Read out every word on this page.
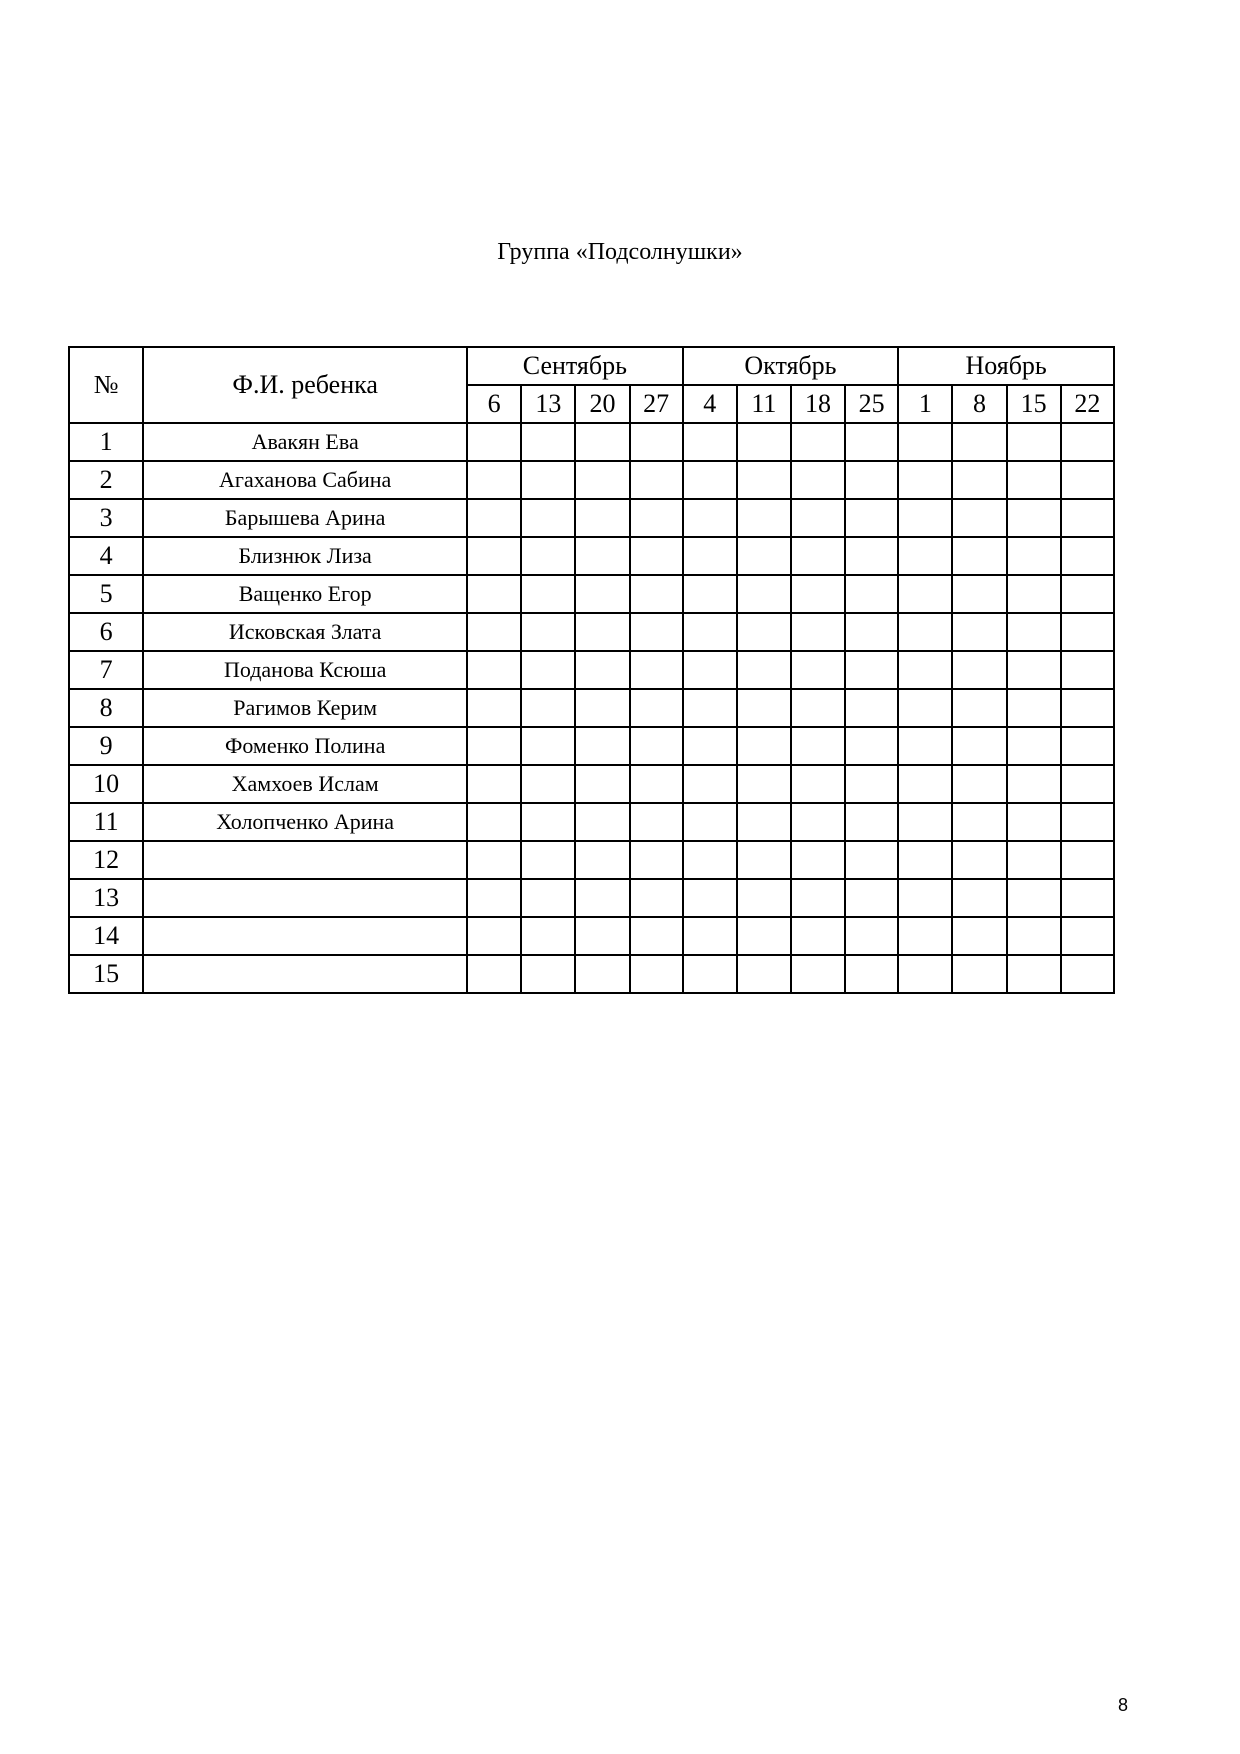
Группа «Подсолнушки»
№	Ф.И. ребенка	Сентябрь				Октябрь				Ноябрь			
		6	13	20	27	4	11	18	25	1	8	15	22
1	Авакян Ева												
2	Агаханова Сабина												
3	Барышева Арина												
4	Близнюк Лиза												
5	Ващенко Егор												
6	Исковская Злата												
7	Поданова Ксюша												
8	Рагимов Керим												
9	Фоменко Полина												
10	Хамхоев Ислам												
11	Холопченко Арина												
12													
13													
14													
15													
8
